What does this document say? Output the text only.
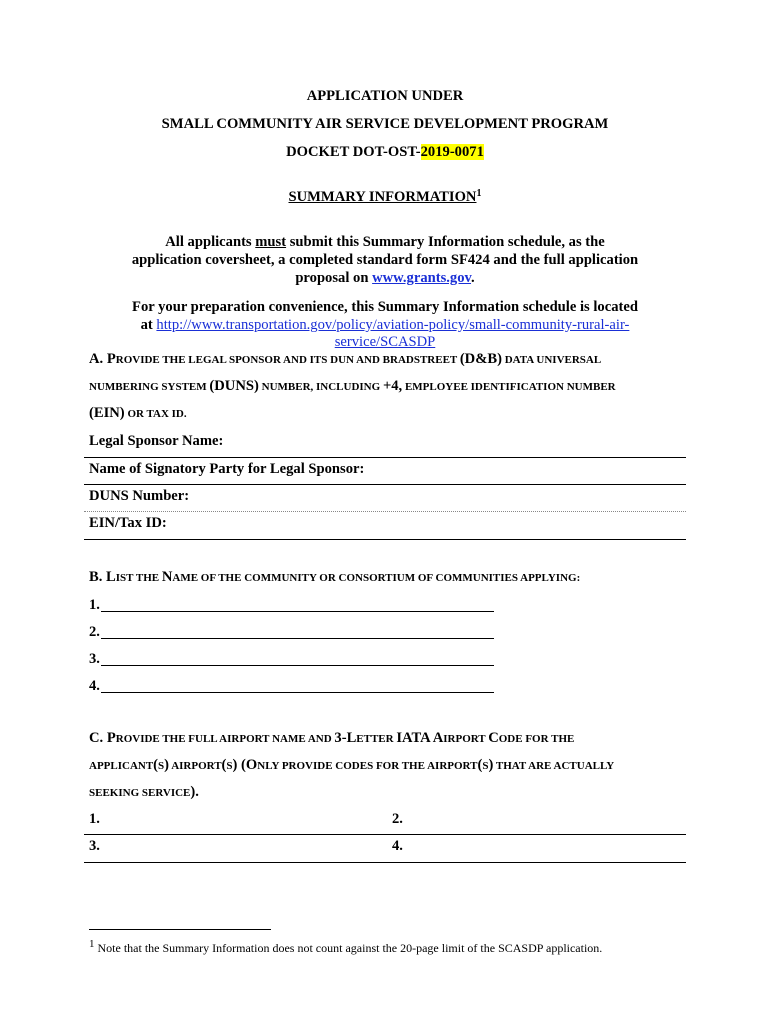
APPLICATION UNDER
SMALL COMMUNITY AIR SERVICE DEVELOPMENT PROGRAM
DOCKET DOT-OST-2019-0071
SUMMARY INFORMATION$^1$
All applicants must submit this Summary Information schedule, as the
application coversheet, a completed standard form SF424 and the full application
proposal on www.grants.gov.
For your preparation convenience, this Summary Information schedule is located
at http://www.transportation.gov/policy/aviation-policy/small-community-rural-air-
service/SCASDP
A. PROVIDE THE LEGAL SPONSOR AND ITS DUN AND BRADSTREET (D&B) DATA UNIVERSAL
NUMBERING SYSTEM (DUNS) NUMBER, INCLUDING +4, EMPLOYEE IDENTIFICATION NUMBER
(EIN) OR TAX ID.
Legal Sponsor Name:
Name of Signatory Party for Legal Sponsor:
DUNS Number:
EIN/Tax ID:
B. LIST THE NAME OF THE COMMUNITY OR CONSORTIUM OF COMMUNITIES APPLYING:
1.
2.
3.
4.
C. PROVIDE THE FULL AIRPORT NAME AND 3-LETTER IATA AIRPORT CODE FOR THE
APPLICANT(S) AIRPORT(S) (ONLY PROVIDE CODES FOR THE AIRPORT(S) THAT ARE ACTUALLY
SEEKING SERVICE).
1.	2.
3.	4.
$^1$ Note that the Summary Information does not count against the 20-page limit of the SCASDP application.
